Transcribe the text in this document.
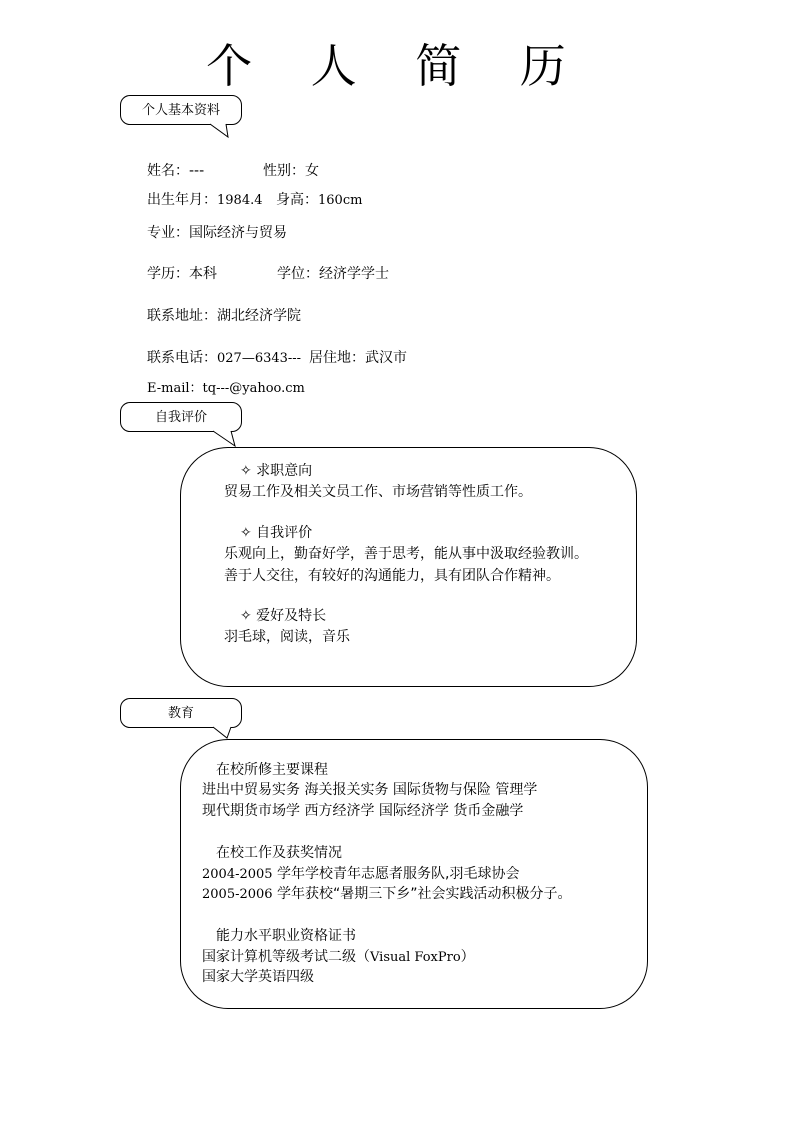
个 人 简 历
个人基本资料
姓名：---	性别：女
出生年月：1984.4 身高：160cm
专业：国际经济与贸易
学历：本科	学位：经济学学士
联系地址：湖北经济学院
联系电话：027—6343--- 居住地：武汉市
E-mail：tq---@yahoo.cm
自我评价
✧ 求职意向
贸易工作及相关文员工作、市场营销等性质工作。
✧ 自我评价
乐观向上，勤奋好学，善于思考，能从事中汲取经验教训。
善于人交往，有较好的沟通能力，具有团队合作精神。
✧ 爱好及特长
羽毛球，阅读，音乐
教育
在校所修主要课程
进出中贸易实务 海关报关实务 国际货物与保险 管理学
现代期货市场学 西方经济学 国际经济学 货币金融学
在校工作及获奖情况
2004-2005 学年学校青年志愿者服务队,羽毛球协会
2005-2006 学年获校“暑期三下乡”社会实践活动积极分子。
能力水平职业资格证书
国家计算机等级考试二级（Visual FoxPro）
国家大学英语四级
